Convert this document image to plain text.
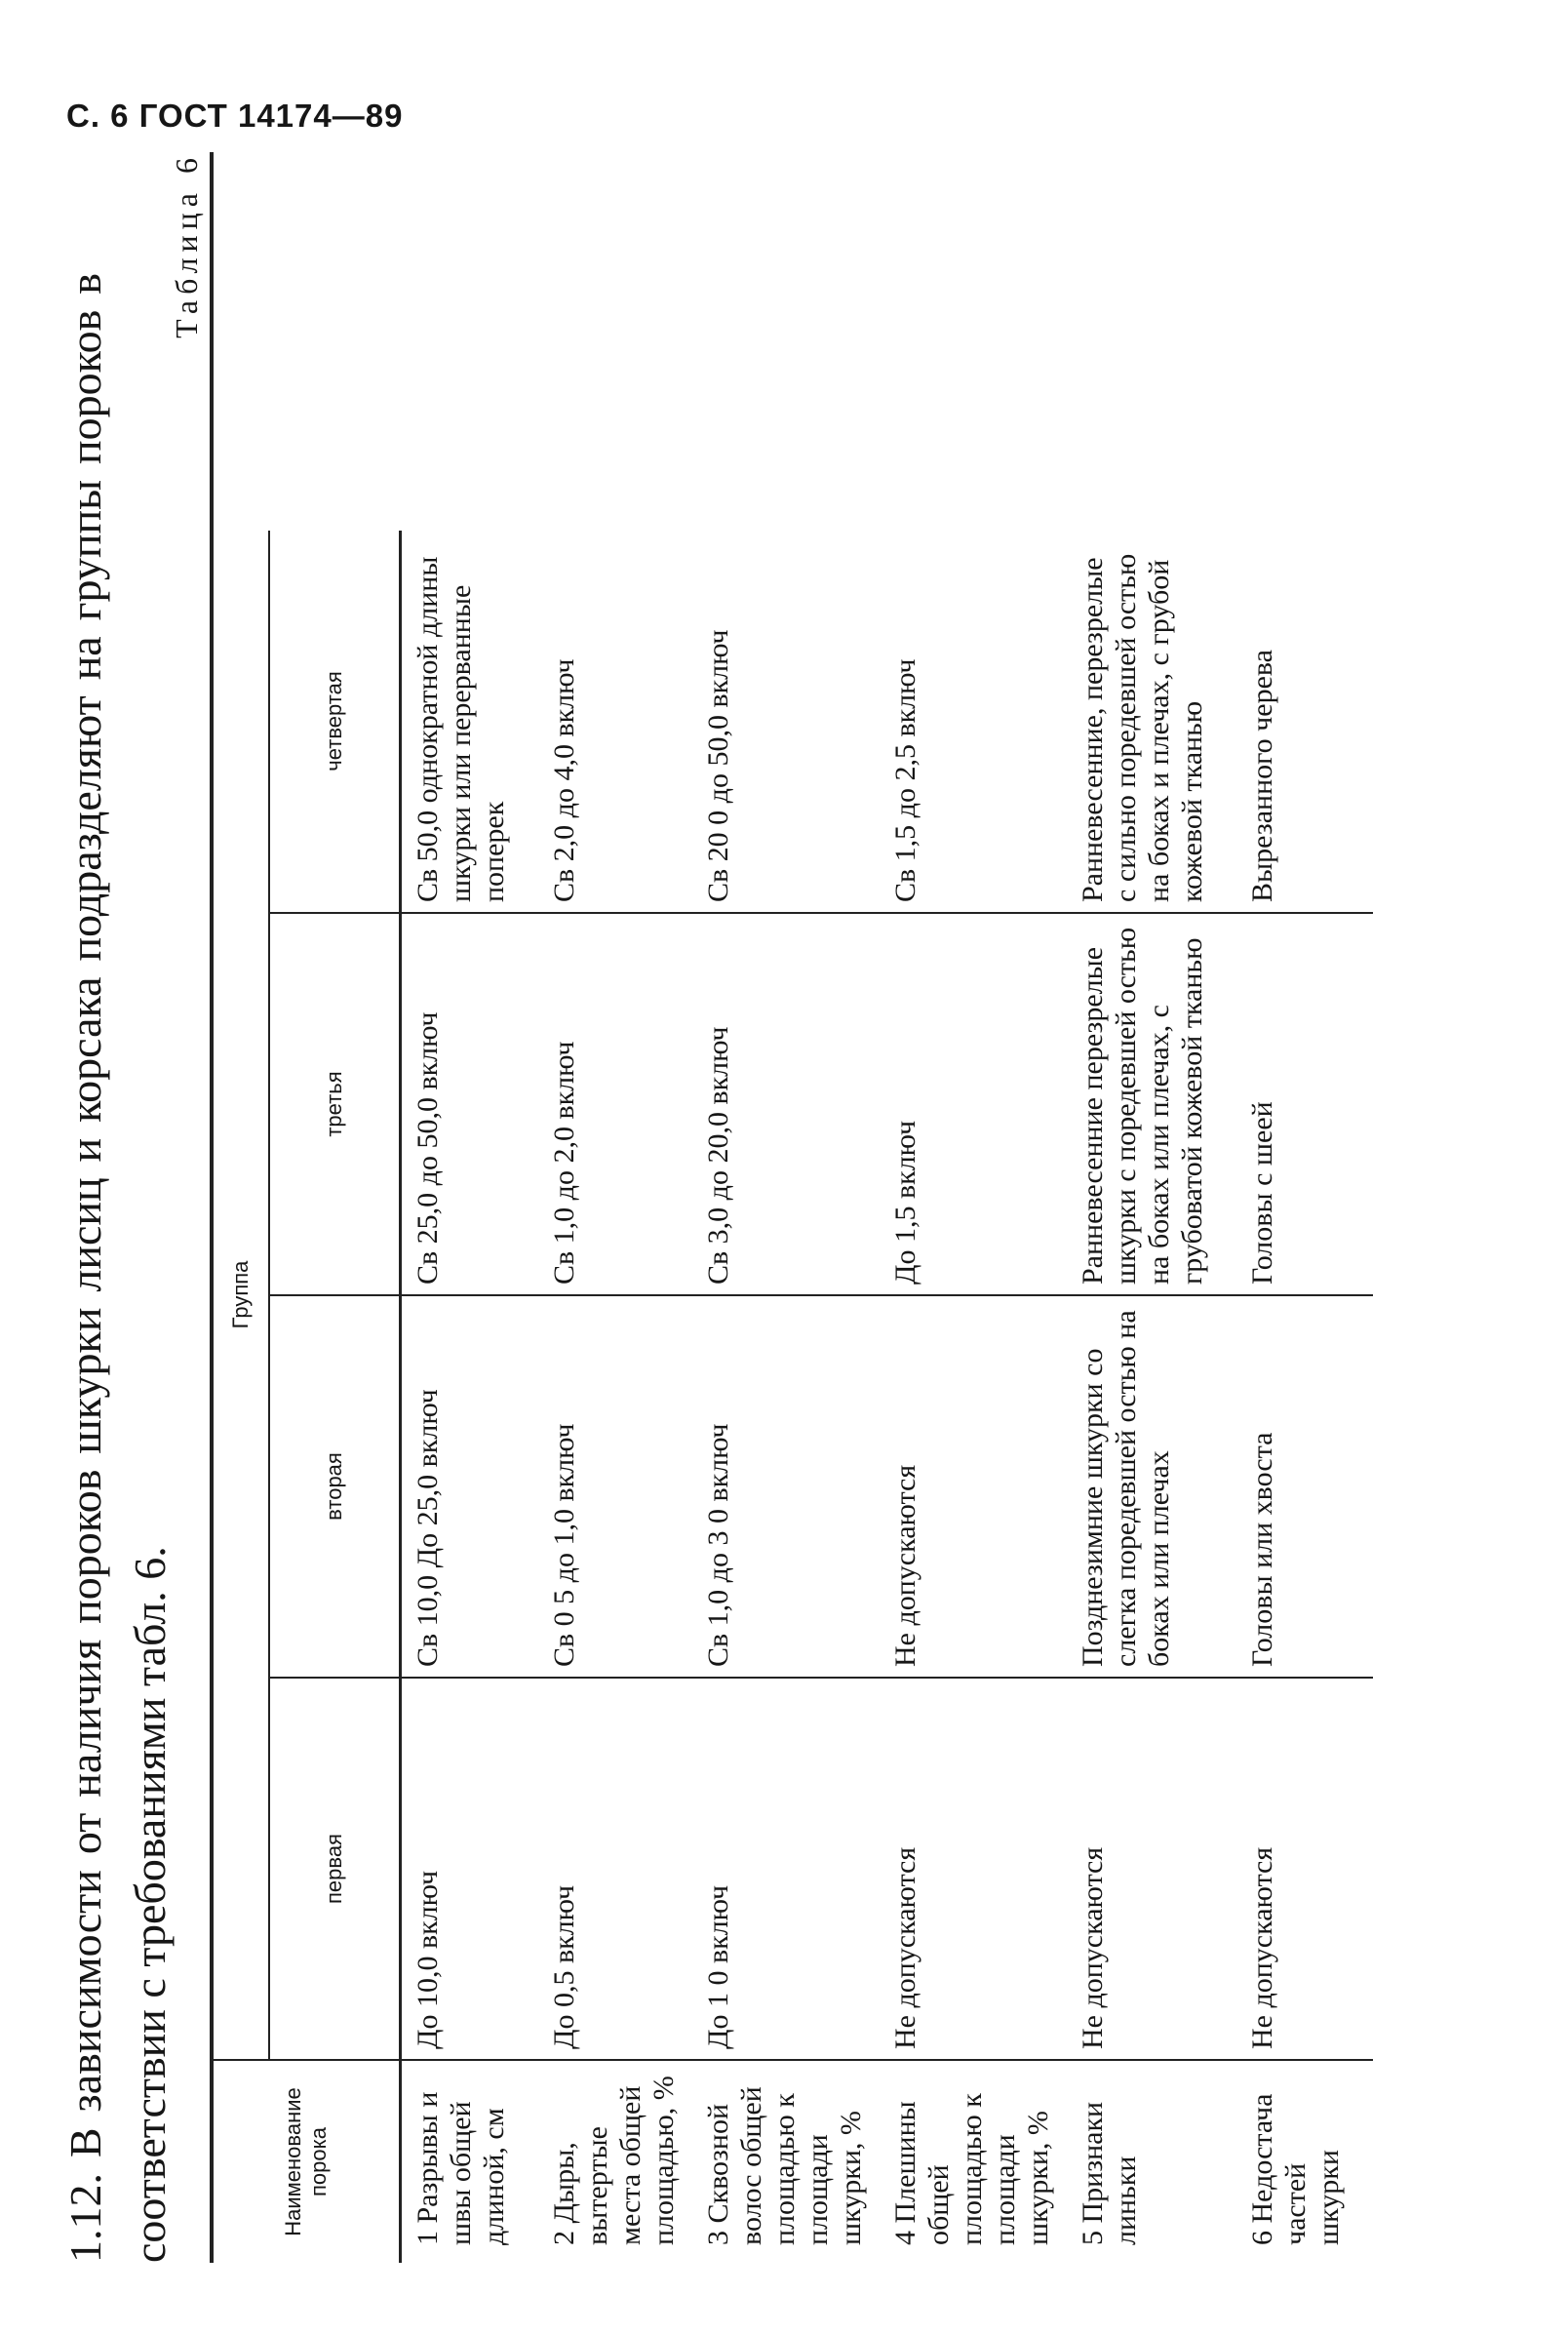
С. 6 ГОСТ 14174—89
1.12. В зависимости от наличия пороков шкурки лисиц и корсака подразделяют на группы пороков в соответствии с требованиями табл. 6.
Таблица 6
Наименование порока	Группа			
	первая	вторая	третья	четвертая
1 Разрывы и швы общей длиной, см	До 10,0 включ	Св 10,0 До 25,0 включ	Св 25,0 до 50,0 включ	Св 50,0 однократной длины шкурки или перерванные поперек
2 Дыры, вытертые места общей площадью, %	До 0,5 включ	Св 0 5 до 1,0 включ	Св 1,0 до 2,0 включ	Св 2,0 до 4,0 включ
3 Сквозной волос общей площадью к площади шкурки, %	До 1 0 включ	Св 1,0 до 3 0 включ	Св 3,0 до 20,0 включ	Св 20 0 до 50,0 включ
4 Плешины общей площадью к площади шкурки, %	Не допускаются	Не допускаются	До 1,5 включ	Св 1,5 до 2,5 включ
5 Признаки линьки	Не допускаются	Позднезимние шкурки со слегка поредевшей остью на боках или плечах	Ранневесенние перезрелые шкурки с поредевшей остью на боках или плечах, с грубоватой кожевой тканью	Ранневесенние, перезрелые с сильно поредевшей остью на боках и плечах, с грубой кожевой тканью
6 Недостача частей шкурки	Не допускаются	Головы или хвоста	Головы с шеей	Вырезанного черева
